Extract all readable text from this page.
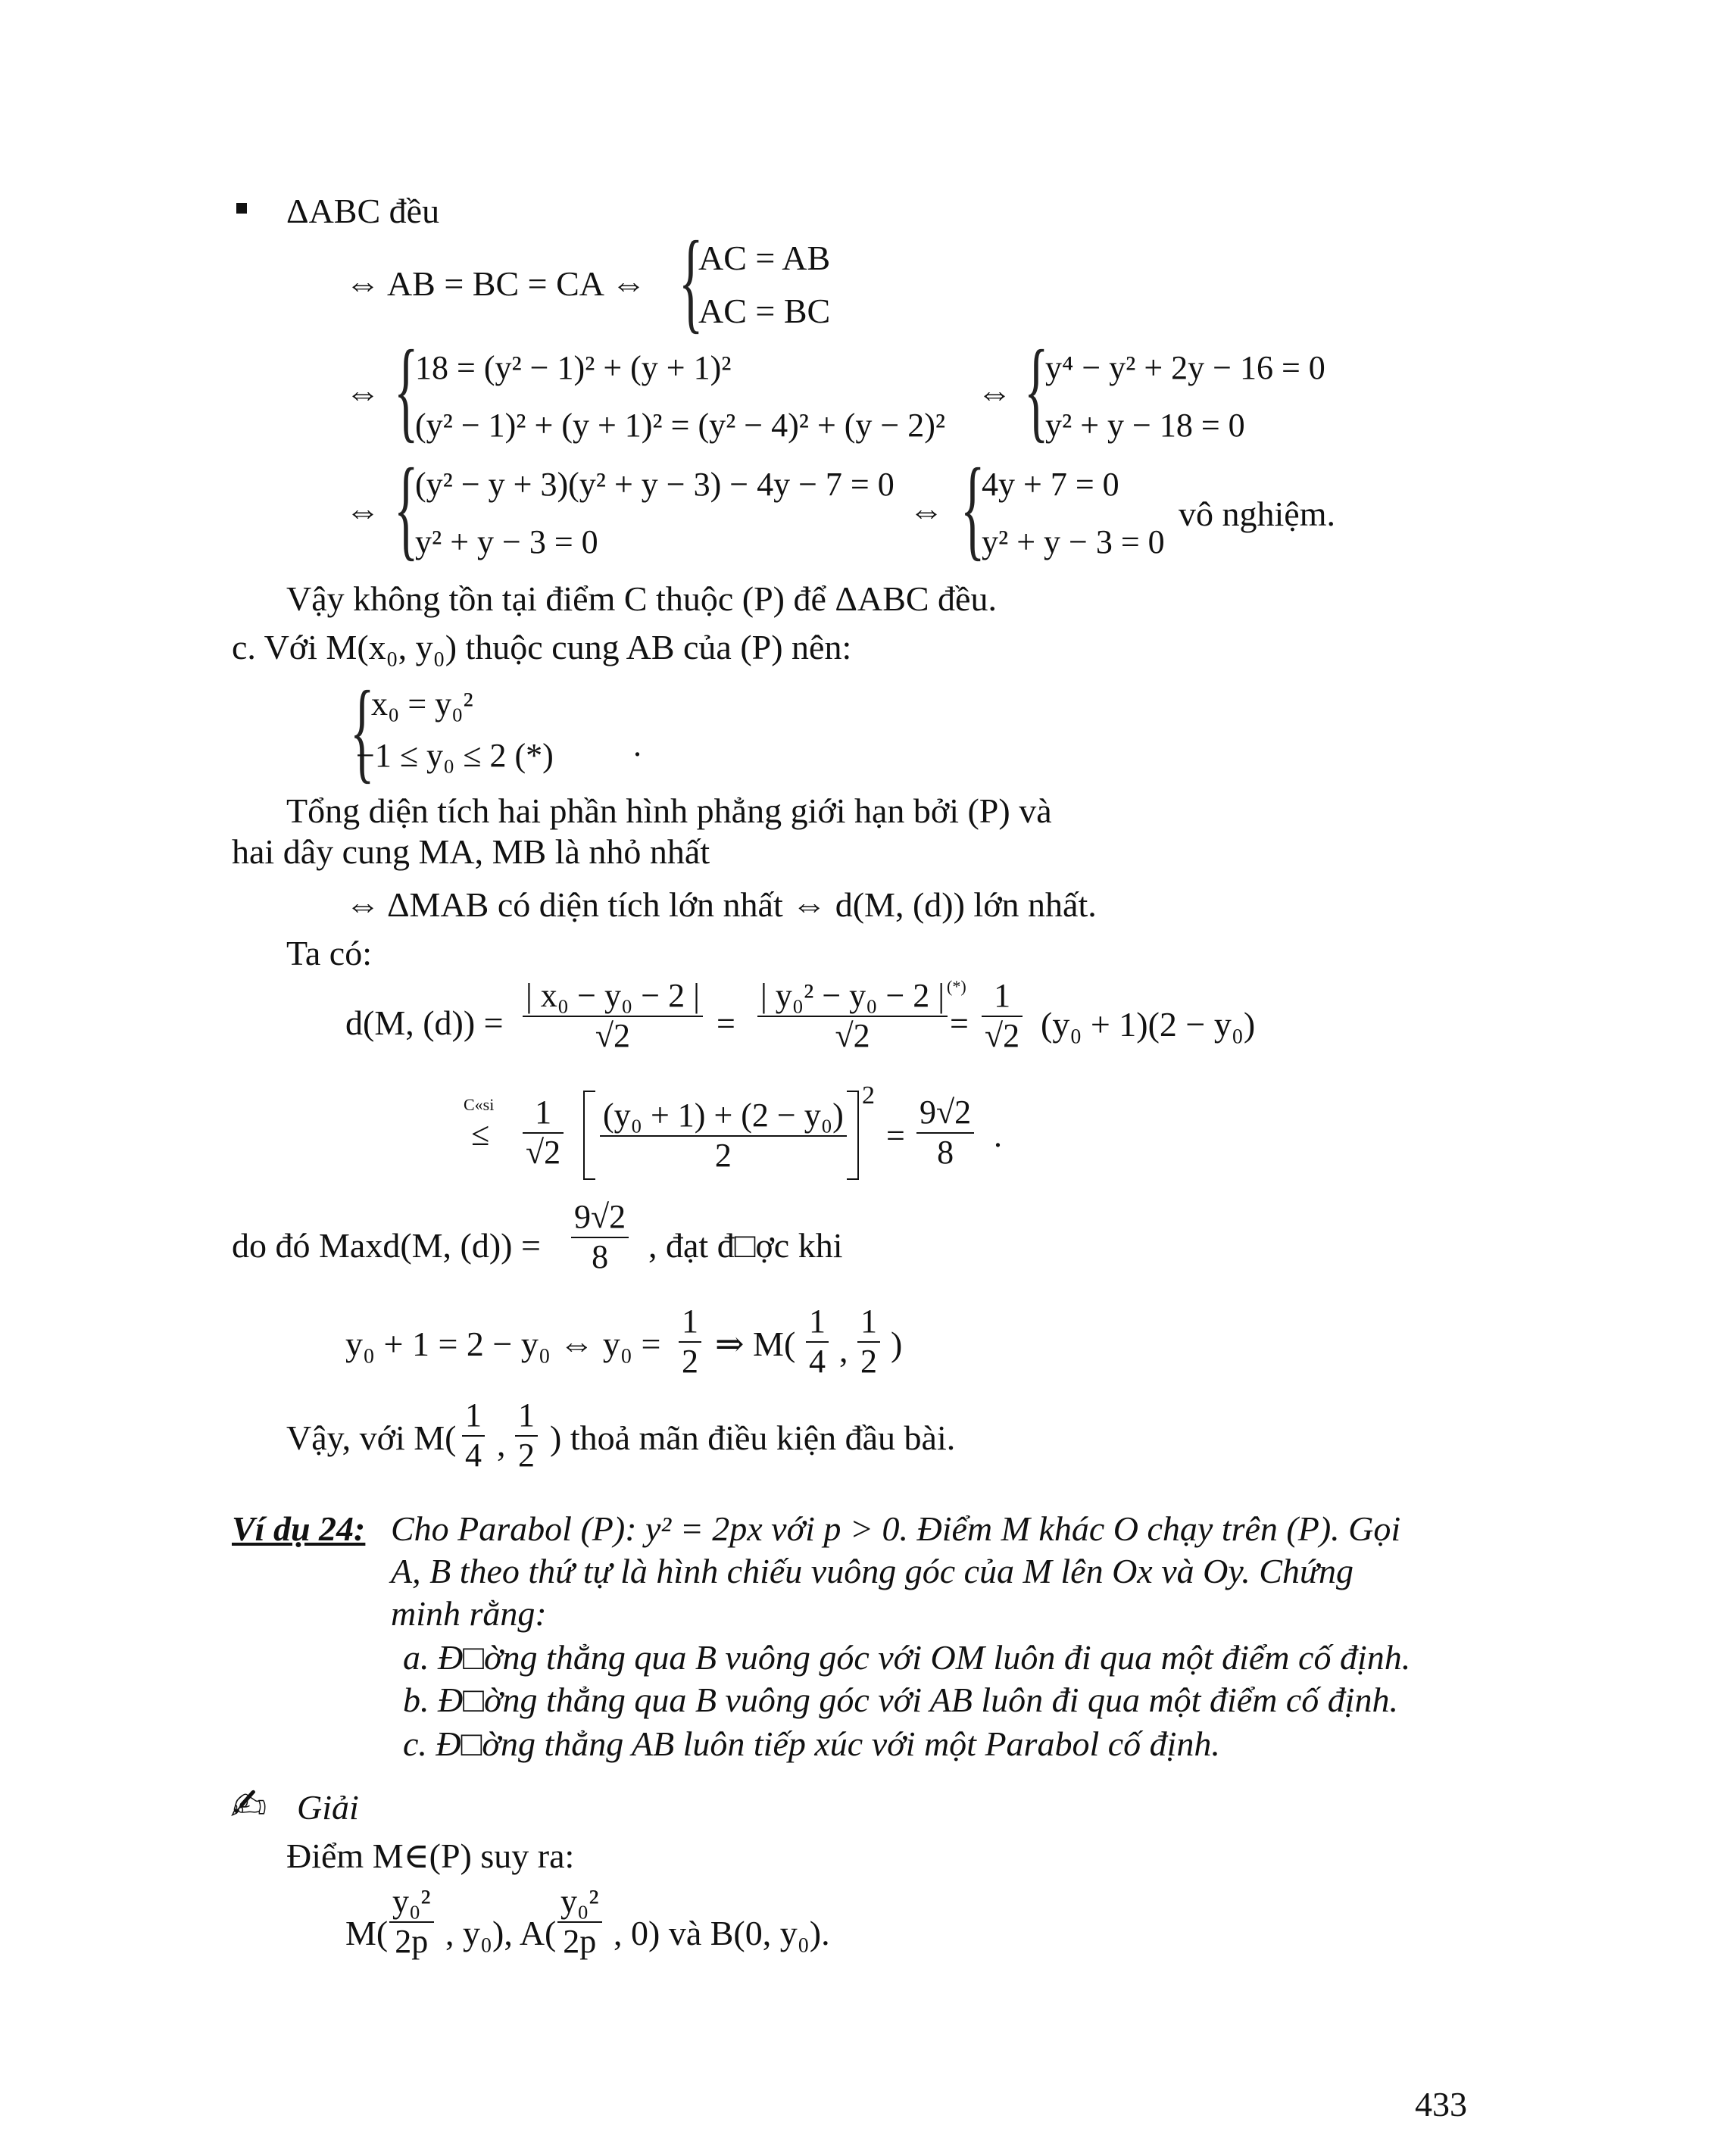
ΔABC đều
⇔ AB = BC = CA ⇔ {
AC = AB
AC = BC
⇔ {
18 = (y² − 1)² + (y + 1)²
(y² − 1)² + (y + 1)² = (y² − 4)² + (y − 2)²
⇔ {
y⁴ − y² + 2y − 16 = 0
y² + y − 18 = 0
⇔ {
(y² − y + 3)(y² + y − 3) − 4y − 7 = 0
y² + y − 3 = 0
⇔ {
4y + 7 = 0
y² + y − 3 = 0
vô nghiệm.
Vậy không tồn tại điểm C thuộc (P) để ΔABC đều.
c. Với M(x₀, y₀) thuộc cung AB của (P) nên:
{
x₀ = y₀²
−1 ≤ y₀ ≤ 2 (*) .
Tổng diện tích hai phần hình phẳng giới hạn bởi (P) và
hai dây cung MA, MB là nhỏ nhất
⇔ ΔMAB có diện tích lớn nhất ⇔ d(M, (d)) lớn nhất.
Ta có:
d(M, $(d)) = \frac{\text{| x₀ − y₀ − 2 |}}{√2} = \frac{\text{| y₀² − y₀ − 2 |}}{√2}$
(*)
= $\frac{1}{√2} (y_0 + 1)(2 - y_0)$
C«si
≤ $\frac{1}{√2} \frac{\text{(y₀ + 1) + (2 − y₀)}}{2}$
2
= $\frac{9√2}{8}$ .
do đó Maxd(M, $(d)) = \frac{9√2}{8}$ , đạt đ□ợc khi
y₀ + 1 = 2 − y₀ ⇔ $y_0 = \frac{1}{2}$ ⇒ $M( \frac{1}{4}$ , $\frac{1}{2}$ )
Vậy, với $M( \frac{1}{4}$ , $\frac{1}{2}$ ) thoả mãn điều kiện đầu bài.
Ví dụ 24: Cho Parabol (P): y² = 2px với p > 0. Điểm M khác O chạy trên (P). Gọi
A, B theo thứ tự là hình chiếu vuông góc của M lên Ox và Oy. Chứng
minh rằng:
a. Đ□ờng thẳng qua B vuông góc với OM luôn đi qua một điểm cố định.
b. Đ□ờng thẳng qua B vuông góc với AB luôn đi qua một điểm cố định.
c. Đ□ờng thẳng AB luôn tiếp xúc với một Parabol cố định.
✍ Giải
Điểm M∈(P) suy ra:
$M( \frac{\text{y₀²}}{2p}$ , y₀), $A( \frac{\text{y₀²}}{2p}$ , 0) và B(0, y₀).
433
